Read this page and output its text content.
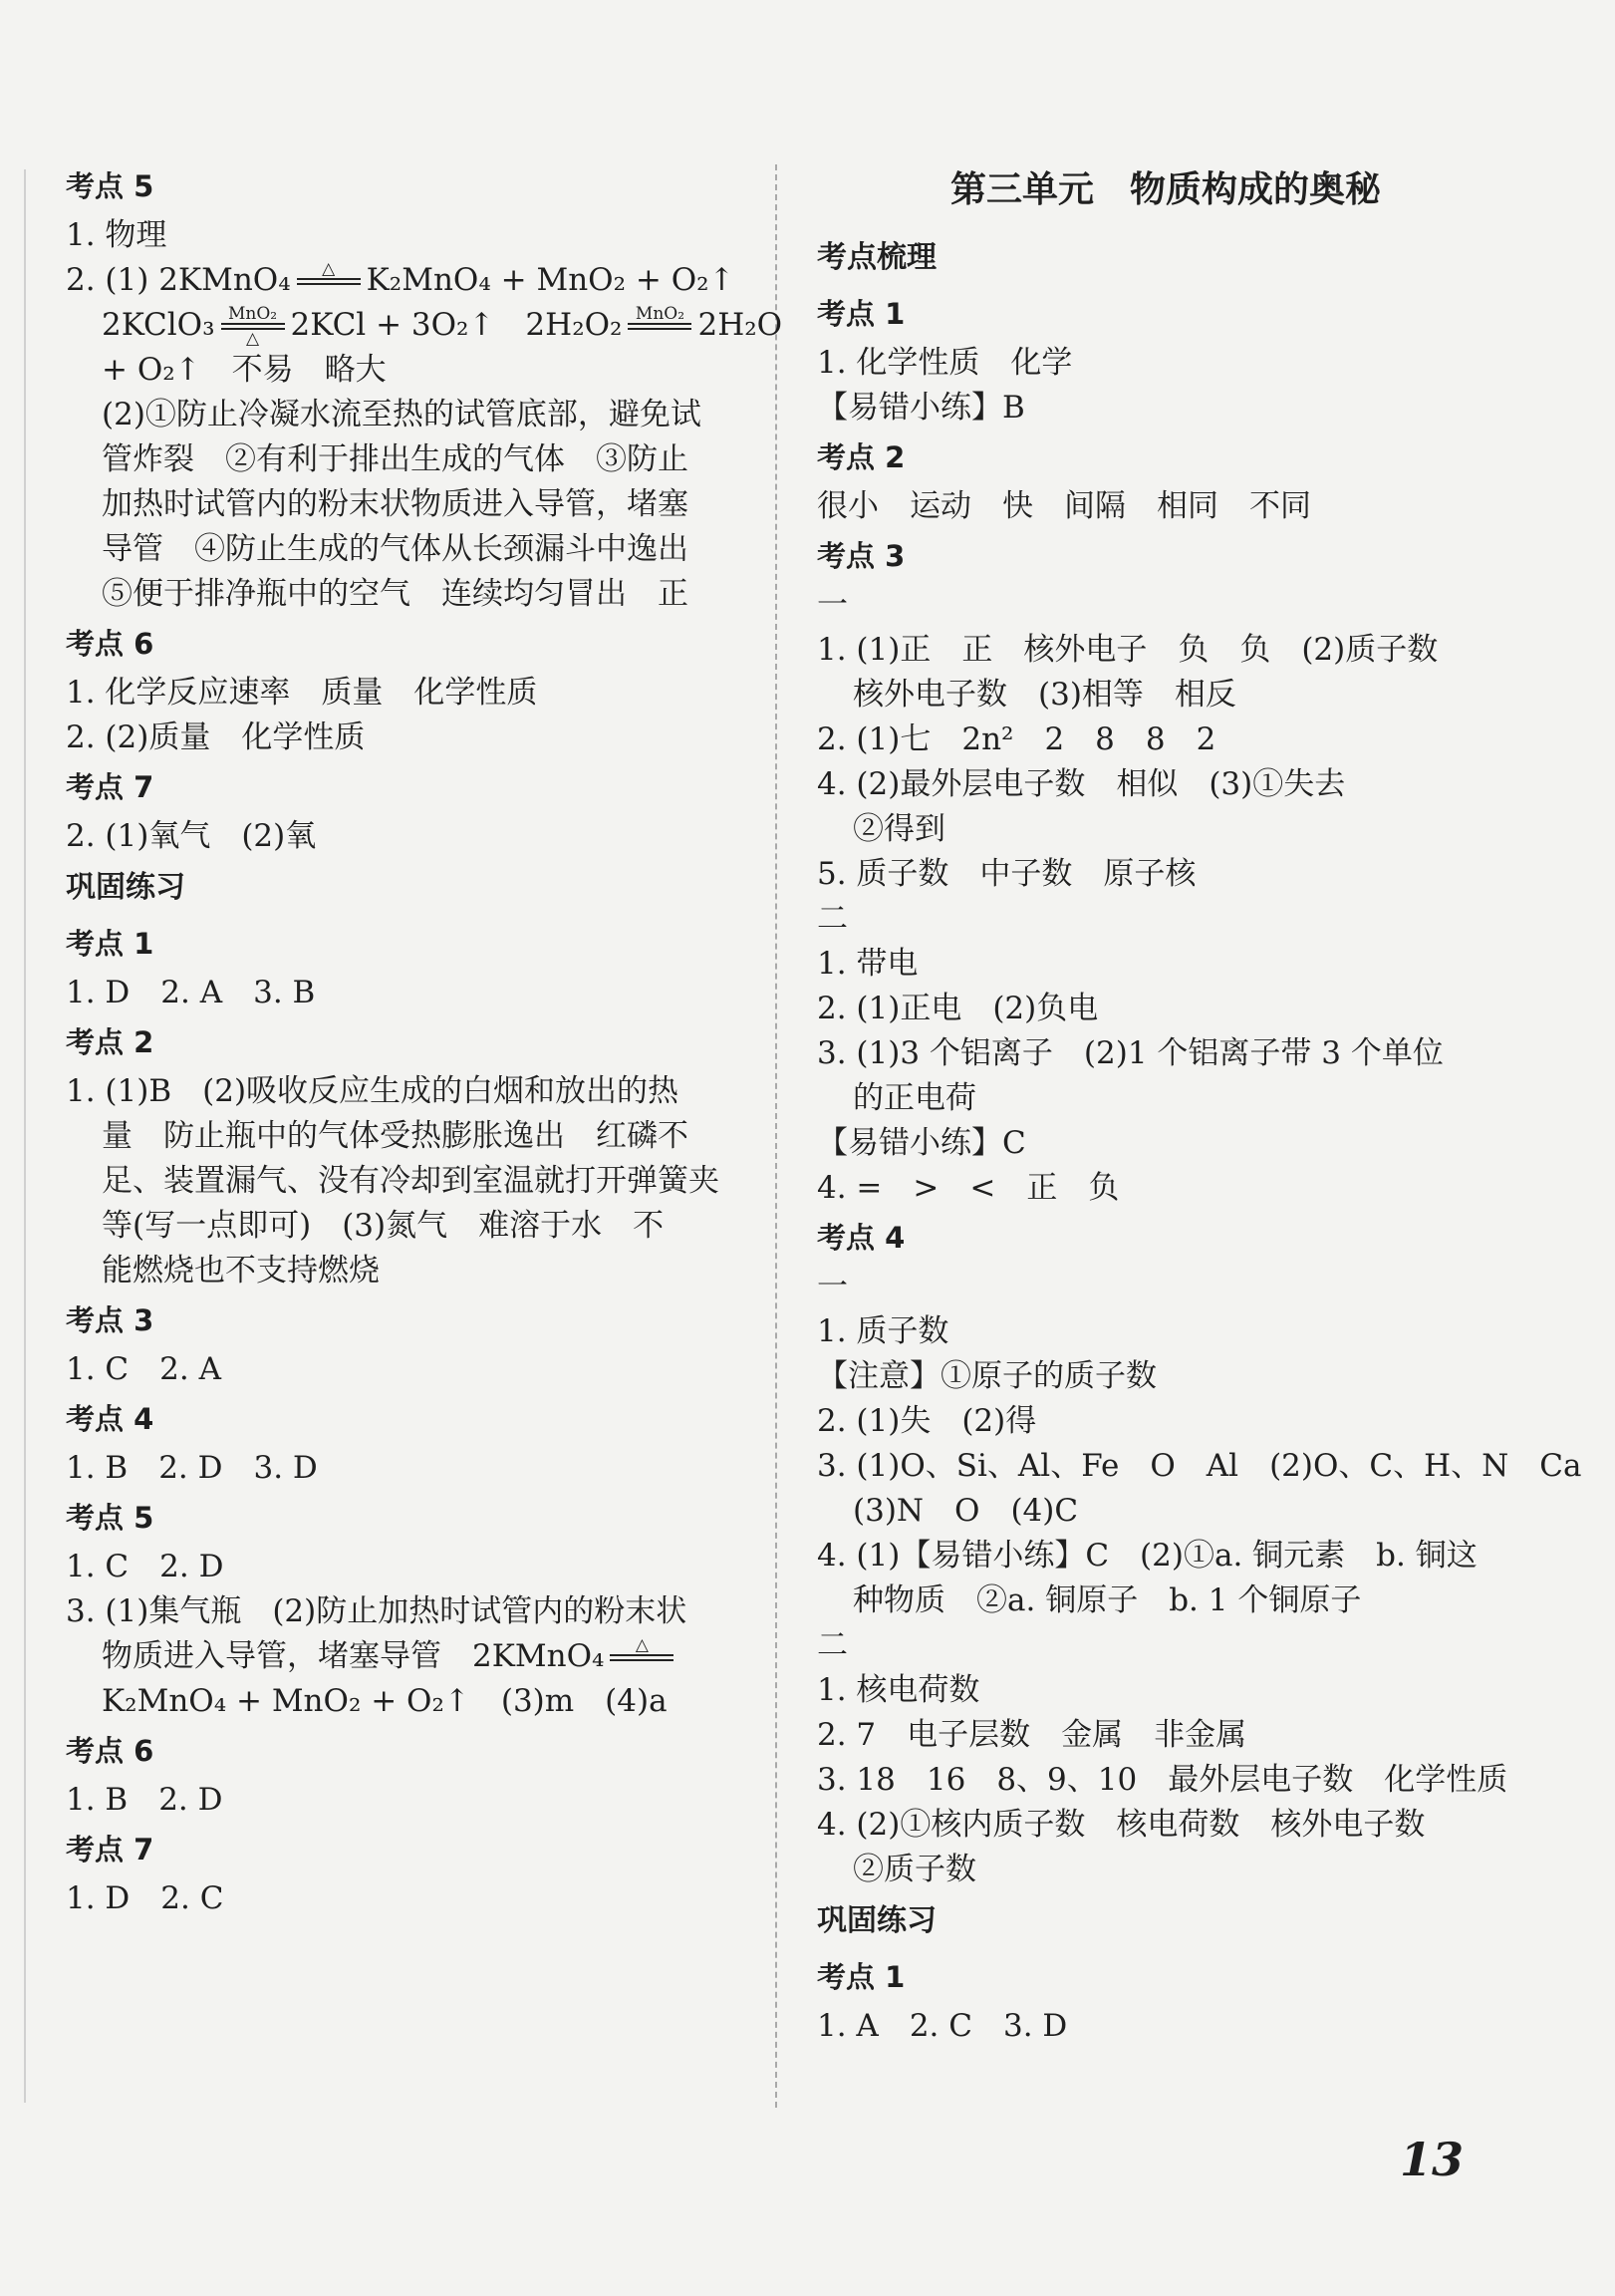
考点 5
1. 物理
2. (1) 2KMnO₄	△	K₂MnO₄ + MnO₂ + O₂↑
2KClO₃ MnO₂
△	2KCl + 3O₂↑　2H₂O₂ MnO₂ 2H₂O
+ O₂↑　不易　略大
(2)①防止冷凝水流至热的试管底部，避免试
管炸裂　②有利于排出生成的气体　③防止
加热时试管内的粉末状物质进入导管，堵塞
导管　④防止生成的气体从长颈漏斗中逸出
⑤便于排净瓶中的空气　连续均匀冒出　正
考点 6
1. 化学反应速率　质量　化学性质
2. (2)质量　化学性质
考点 7
2. (1)氧气　(2)氧
巩固练习
考点 1
1. D　2. A　3. B
考点 2
1. (1)B　(2)吸收反应生成的白烟和放出的热
量　防止瓶中的气体受热膨胀逸出　红磷不
足、装置漏气、没有冷却到室温就打开弹簧夹
等(写一点即可)　(3)氮气　难溶于水　不
能燃烧也不支持燃烧
考点 3
1. C　2. A
考点 4
1. B　2. D　3. D
考点 5
1. C　2. D
3. (1)集气瓶　(2)防止加热时试管内的粉末状
物质进入导管，堵塞导管　2KMnO₄	△
K₂MnO₄ + MnO₂ + O₂↑　(3)m　(4)a
考点 6
1. B　2. D
考点 7
1. D　2. C
第三单元　物质构成的奥秘
考点梳理
考点 1
1. 化学性质　化学
【易错小练】B
考点 2
很小　运动　快　间隔　相同　不同
考点 3
一
1. (1)正　正　核外电子　负　负　(2)质子数
核外电子数　(3)相等　相反
2. (1)七　2n²　2　8　8　2
4. (2)最外层电子数　相似　(3)①失去
②得到
5. 质子数　中子数　原子核
二
1. 带电
2. (1)正电　(2)负电
3. (1)3 个铝离子　(2)1 个铝离子带 3 个单位
的正电荷
【易错小练】C
4. =　>　<　正　负
考点 4
一
1. 质子数
【注意】①原子的质子数
2. (1)失　(2)得
3. (1)O、Si、Al、Fe　O　Al　(2)O、C、H、N　Ca
(3)N　O　(4)C
4. (1)【易错小练】C　(2)①a. 铜元素　b. 铜这
种物质　②a. 铜原子　b. 1 个铜原子
二
1. 核电荷数
2. 7　电子层数　金属　非金属
3. 18　16　8、9、10　最外层电子数　化学性质
4. (2)①核内质子数　核电荷数　核外电子数
②质子数
巩固练习
考点 1
1. A　2. C　3. D
13
